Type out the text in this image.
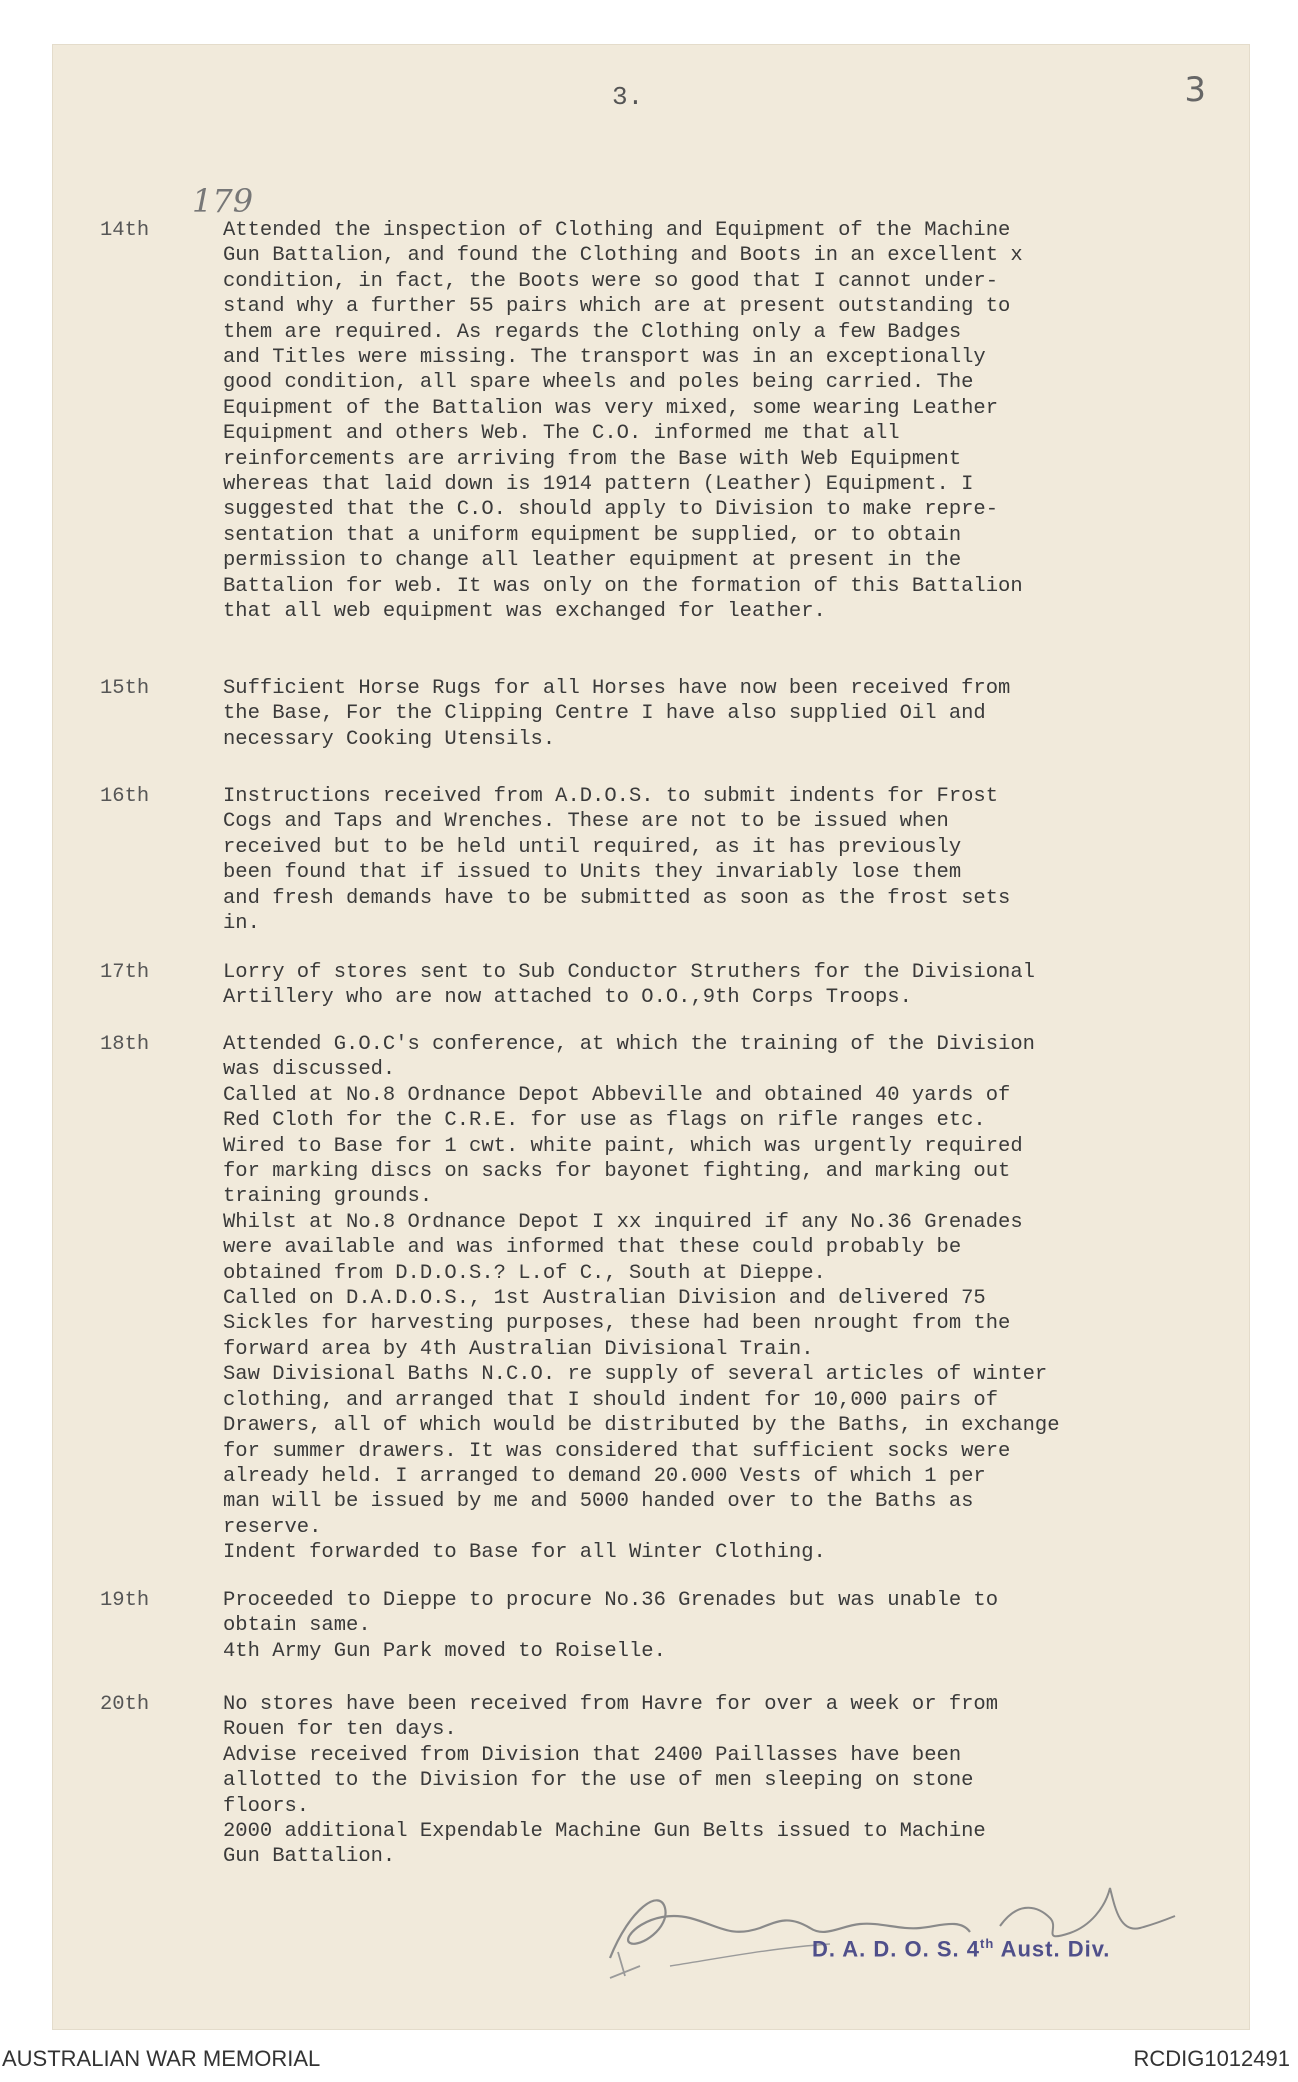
3.	3
179
14th	Attended the inspection of Clothing and Equipment of the Machine
Gun Battalion, and found the Clothing and Boots in an excellent x
condition, in fact, the Boots were so good that I cannot under-
stand why a further 55 pairs which are at present outstanding to
them are required. As regards the Clothing only a few Badges
and Titles were missing. The transport was in an exceptionally
good condition, all spare wheels and poles being carried. The
Equipment of the Battalion was very mixed, some wearing Leather
Equipment and others Web. The C.O. informed me that all
reinforcements are arriving from the Base with Web Equipment
whereas that laid down is 1914 pattern (Leather) Equipment. I
suggested that the C.O. should apply to Division to make repre-
sentation that a uniform equipment be supplied, or to obtain
permission to change all leather equipment at present in the
Battalion for web. It was only on the formation of this Battalion
that all web equipment was exchanged for leather.
15th	Sufficient Horse Rugs for all Horses have now been received from
the Base, For the Clipping Centre I have also supplied Oil and
necessary Cooking Utensils.
16th	Instructions received from A.D.O.S. to submit indents for Frost
Cogs and Taps and Wrenches. These are not to be issued when
received but to be held until required, as it has previously
been found that if issued to Units they invariably lose them
and fresh demands have to be submitted as soon as the frost sets
in.
17th	Lorry of stores sent to Sub Conductor Struthers for the Divisional
Artillery who are now attached to O.O.,9th Corps Troops.
18th	Attended G.O.C's conference, at which the training of the Division
was discussed.
Called at No.8 Ordnance Depot Abbeville and obtained 40 yards of
Red Cloth for the C.R.E. for use as flags on rifle ranges etc.
Wired to Base for 1 cwt. white paint, which was urgently required
for marking discs on sacks for bayonet fighting, and marking out
training grounds.
Whilst at No.8 Ordnance Depot I xx inquired if any No.36 Grenades
were available and was informed that these could probably be
obtained from D.D.O.S.? L.of C., South at Dieppe.
Called on D.A.D.O.S., 1st Australian Division and delivered 75
Sickles for harvesting purposes, these had been nrought from the
forward area by 4th Australian Divisional Train.
Saw Divisional Baths N.C.O. re supply of several articles of winter
clothing, and arranged that I should indent for 10,000 pairs of
Drawers, all of which would be distributed by the Baths, in exchange
for summer drawers. It was considered that sufficient socks were
already held. I arranged to demand 20.000 Vests of which 1 per
man will be issued by me and 5000 handed over to the Baths as
reserve.
Indent forwarded to Base for all Winter Clothing.
19th	Proceeded to Dieppe to procure No.36 Grenades but was unable to
obtain same.
4th Army Gun Park moved to Roiselle.
20th	No stores have been received from Havre for over a week or from
Rouen for ten days.
Advise received from Division that 2400 Paillasses have been
allotted to the Division for the use of men sleeping on stone
floors.
2000 additional Expendable Machine Gun Belts issued to Machine
Gun Battalion.
D. A. D. O. S. 4th Aust. Div.
AUSTRALIAN WAR MEMORIAL	RCDIG1012491
